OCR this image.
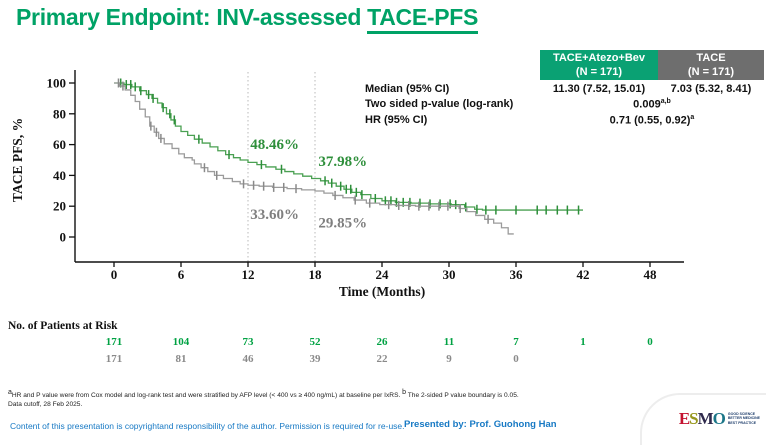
Primary Endpoint: INV-assessed TACE-PFS
TACE+Atezo+Bev
(N = 171)
TACE
(N = 171)
Median (95% CI)	11.30 (7.52, 15.01)	7.03 (5.32, 8.41)
Two sided p-value (log-rank)	0.009$^{a,b}$
HR (95% CI)	0.71 (0.55, 0.92)$^a$
0
20
40
60
80
100
0	6	12	18	24	30	36	42	48
Time (Months)
TACE PFS, %	48.46%
37.98%
33.60%
29.85%
171	104	73	52	26	11	7	1	0
171	81	46	39	22	9	0
No. of Patients at Risk
$^a$HR and P value were from Cox model and log-rank test and were stratified by AFP level (< 400 vs ≥ 400 ng/mL) at baseline per IxRS. $^b$ The 2-sided P value boundary is 0.05.
Data cutoff, 28 Feb 2025.
Content of this presentation is copyrightand responsibility of the author. Permission is required for re-use. Presented by: Prof. Guohong Han	ESMO GOOD SCIENCE
BETTER MEDICINE
BEST PRACTICE
